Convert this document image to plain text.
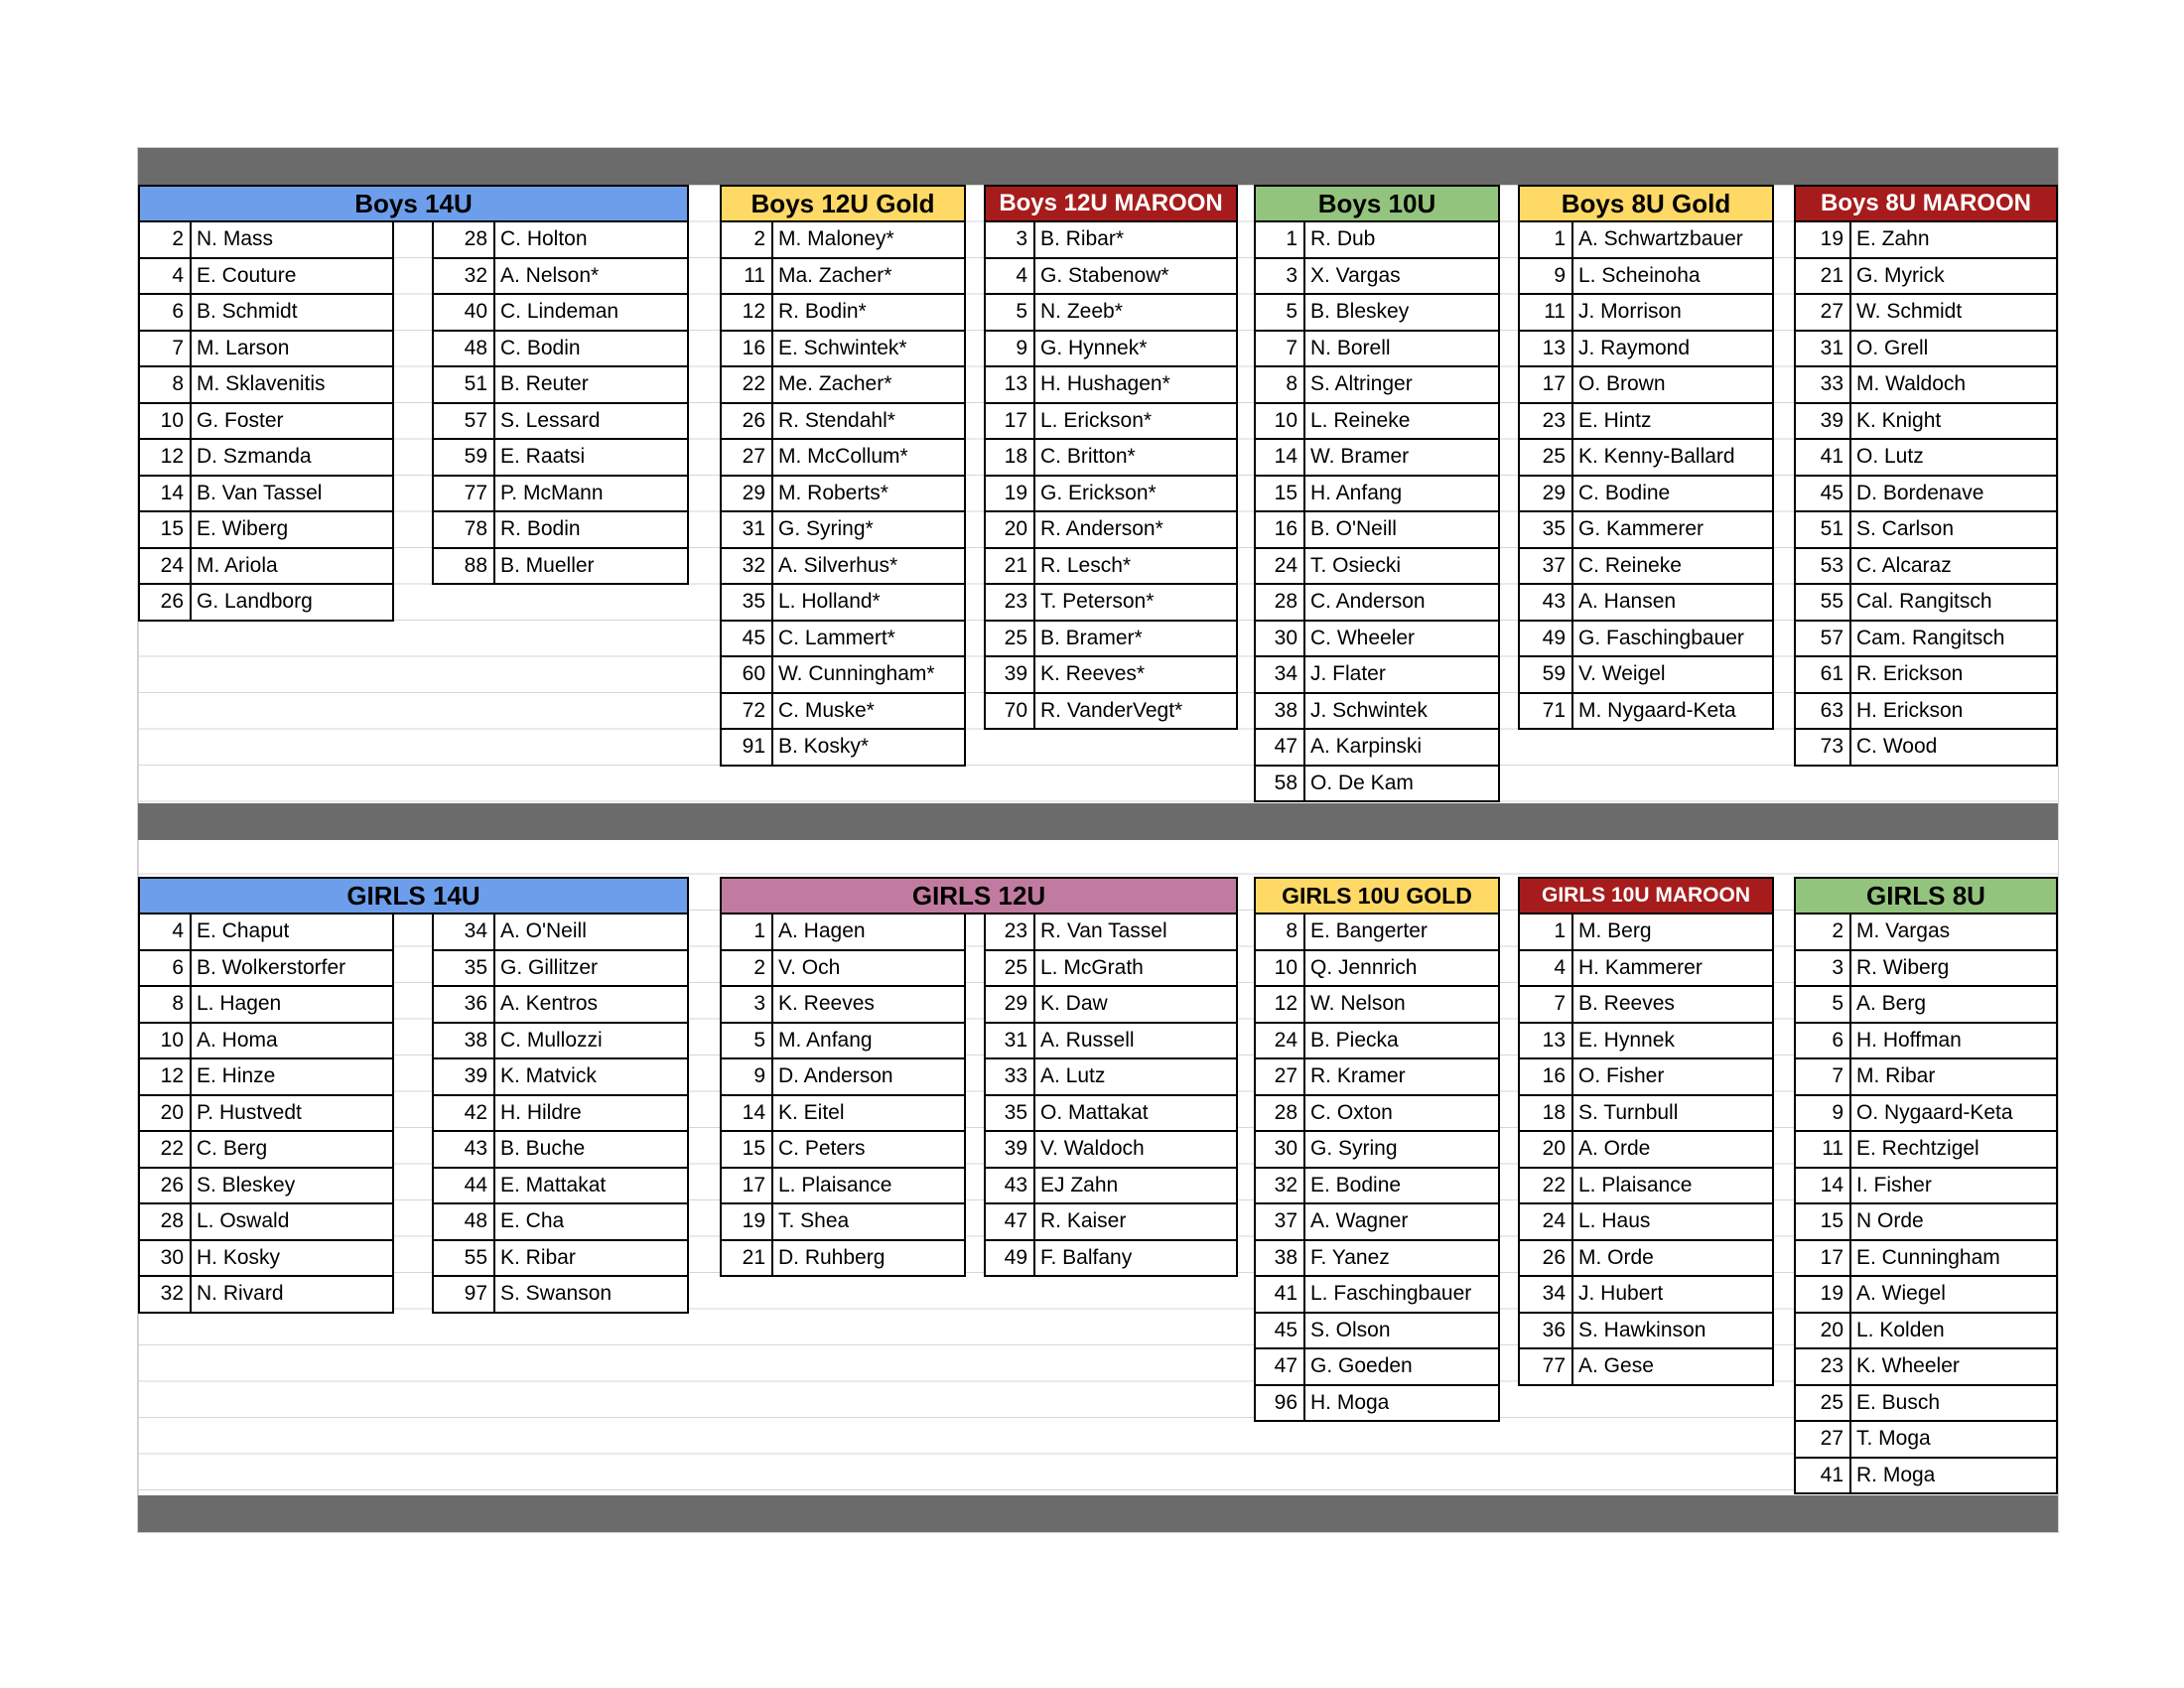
Boys 14U
2 N. Mass
4 E. Couture
6 B. Schmidt
7 M. Larson
8 M. Sklavenitis
10 G. Foster
12 D. Szmanda
14 B. Van Tassel
15 E. Wiberg
24 M. Ariola
26 G. Landborg
28 C. Holton
32 A. Nelson*
40 C. Lindeman
48 C. Bodin
51 B. Reuter
57 S. Lessard
59 E. Raatsi
77 P. McMann
78 R. Bodin
88 B. Mueller
Boys 12U Gold
2 M. Maloney*
11 Ma. Zacher*
12 R. Bodin*
16 E. Schwintek*
22 Me. Zacher*
26 R. Stendahl*
27 M. McCollum*
29 M. Roberts*
31 G. Syring*
32 A. Silverhus*
35 L. Holland*
45 C. Lammert*
60 W. Cunningham*
72 C. Muske*
91 B. Kosky*
Boys 12U MAROON
3 B. Ribar*
4 G. Stabenow*
5 N. Zeeb*
9 G. Hynnek*
13 H. Hushagen*
17 L. Erickson*
18 C. Britton*
19 G. Erickson*
20 R. Anderson*
21 R. Lesch*
23 T. Peterson*
25 B. Bramer*
39 K. Reeves*
70 R. VanderVegt*
Boys 10U
1 R. Dub
3 X. Vargas
5 B. Bleskey
7 N. Borell
8 S. Altringer
10 L. Reineke
14 W. Bramer
15 H. Anfang
16 B. O'Neill
24 T. Osiecki
28 C. Anderson
30 C. Wheeler
34 J. Flater
38 J. Schwintek
47 A. Karpinski
58 O. De Kam
Boys 8U Gold
1 A. Schwartzbauer
9 L. Scheinoha
11 J. Morrison
13 J. Raymond
17 O. Brown
23 E. Hintz
25 K. Kenny-Ballard
29 C. Bodine
35 G. Kammerer
37 C. Reineke
43 A. Hansen
49 G. Faschingbauer
59 V. Weigel
71 M. Nygaard-Keta
Boys 8U MAROON
19 E. Zahn
21 G. Myrick
27 W. Schmidt
31 O. Grell
33 M. Waldoch
39 K. Knight
41 O. Lutz
45 D. Bordenave
51 S. Carlson
53 C. Alcaraz
55 Cal. Rangitsch
57 Cam. Rangitsch
61 R. Erickson
63 H. Erickson
73 C. Wood
GIRLS 14U
4 E. Chaput
6 B. Wolkerstorfer
8 L. Hagen
10 A. Homa
12 E. Hinze
20 P. Hustvedt
22 C. Berg
26 S. Bleskey
28 L. Oswald
30 H. Kosky
32 N. Rivard
34 A. O'Neill
35 G. Gillitzer
36 A. Kentros
38 C. Mullozzi
39 K. Matvick
42 H. Hildre
43 B. Buche
44 E. Mattakat
48 E. Cha
55 K. Ribar
97 S. Swanson
GIRLS 12U
1 A. Hagen
2 V. Och
3 K. Reeves
5 M. Anfang
9 D. Anderson
14 K. Eitel
15 C. Peters
17 L. Plaisance
19 T. Shea
21 D. Ruhberg
23 R. Van Tassel
25 L. McGrath
29 K. Daw
31 A. Russell
33 A. Lutz
35 O. Mattakat
39 V. Waldoch
43 EJ Zahn
47 R. Kaiser
49 F. Balfany
GIRLS 10U GOLD
8 E. Bangerter
10 Q. Jennrich
12 W. Nelson
24 B. Piecka
27 R. Kramer
28 C. Oxton
30 G. Syring
32 E. Bodine
37 A. Wagner
38 F. Yanez
41 L. Faschingbauer
45 S. Olson
47 G. Goeden
96 H. Moga
GIRLS 10U MAROON
1 M. Berg
4 H. Kammerer
7 B. Reeves
13 E. Hynnek
16 O. Fisher
18 S. Turnbull
20 A. Orde
22 L. Plaisance
24 L. Haus
26 M. Orde
34 J. Hubert
36 S. Hawkinson
77 A. Gese
GIRLS 8U
2 M. Vargas
3 R. Wiberg
5 A. Berg
6 H. Hoffman
7 M. Ribar
9 O. Nygaard-Keta
11 E. Rechtzigel
14 I. Fisher
15 N Orde
17 E. Cunningham
19 A. Wiegel
20 L. Kolden
23 K. Wheeler
25 E. Busch
27 T. Moga
41 R. Moga
